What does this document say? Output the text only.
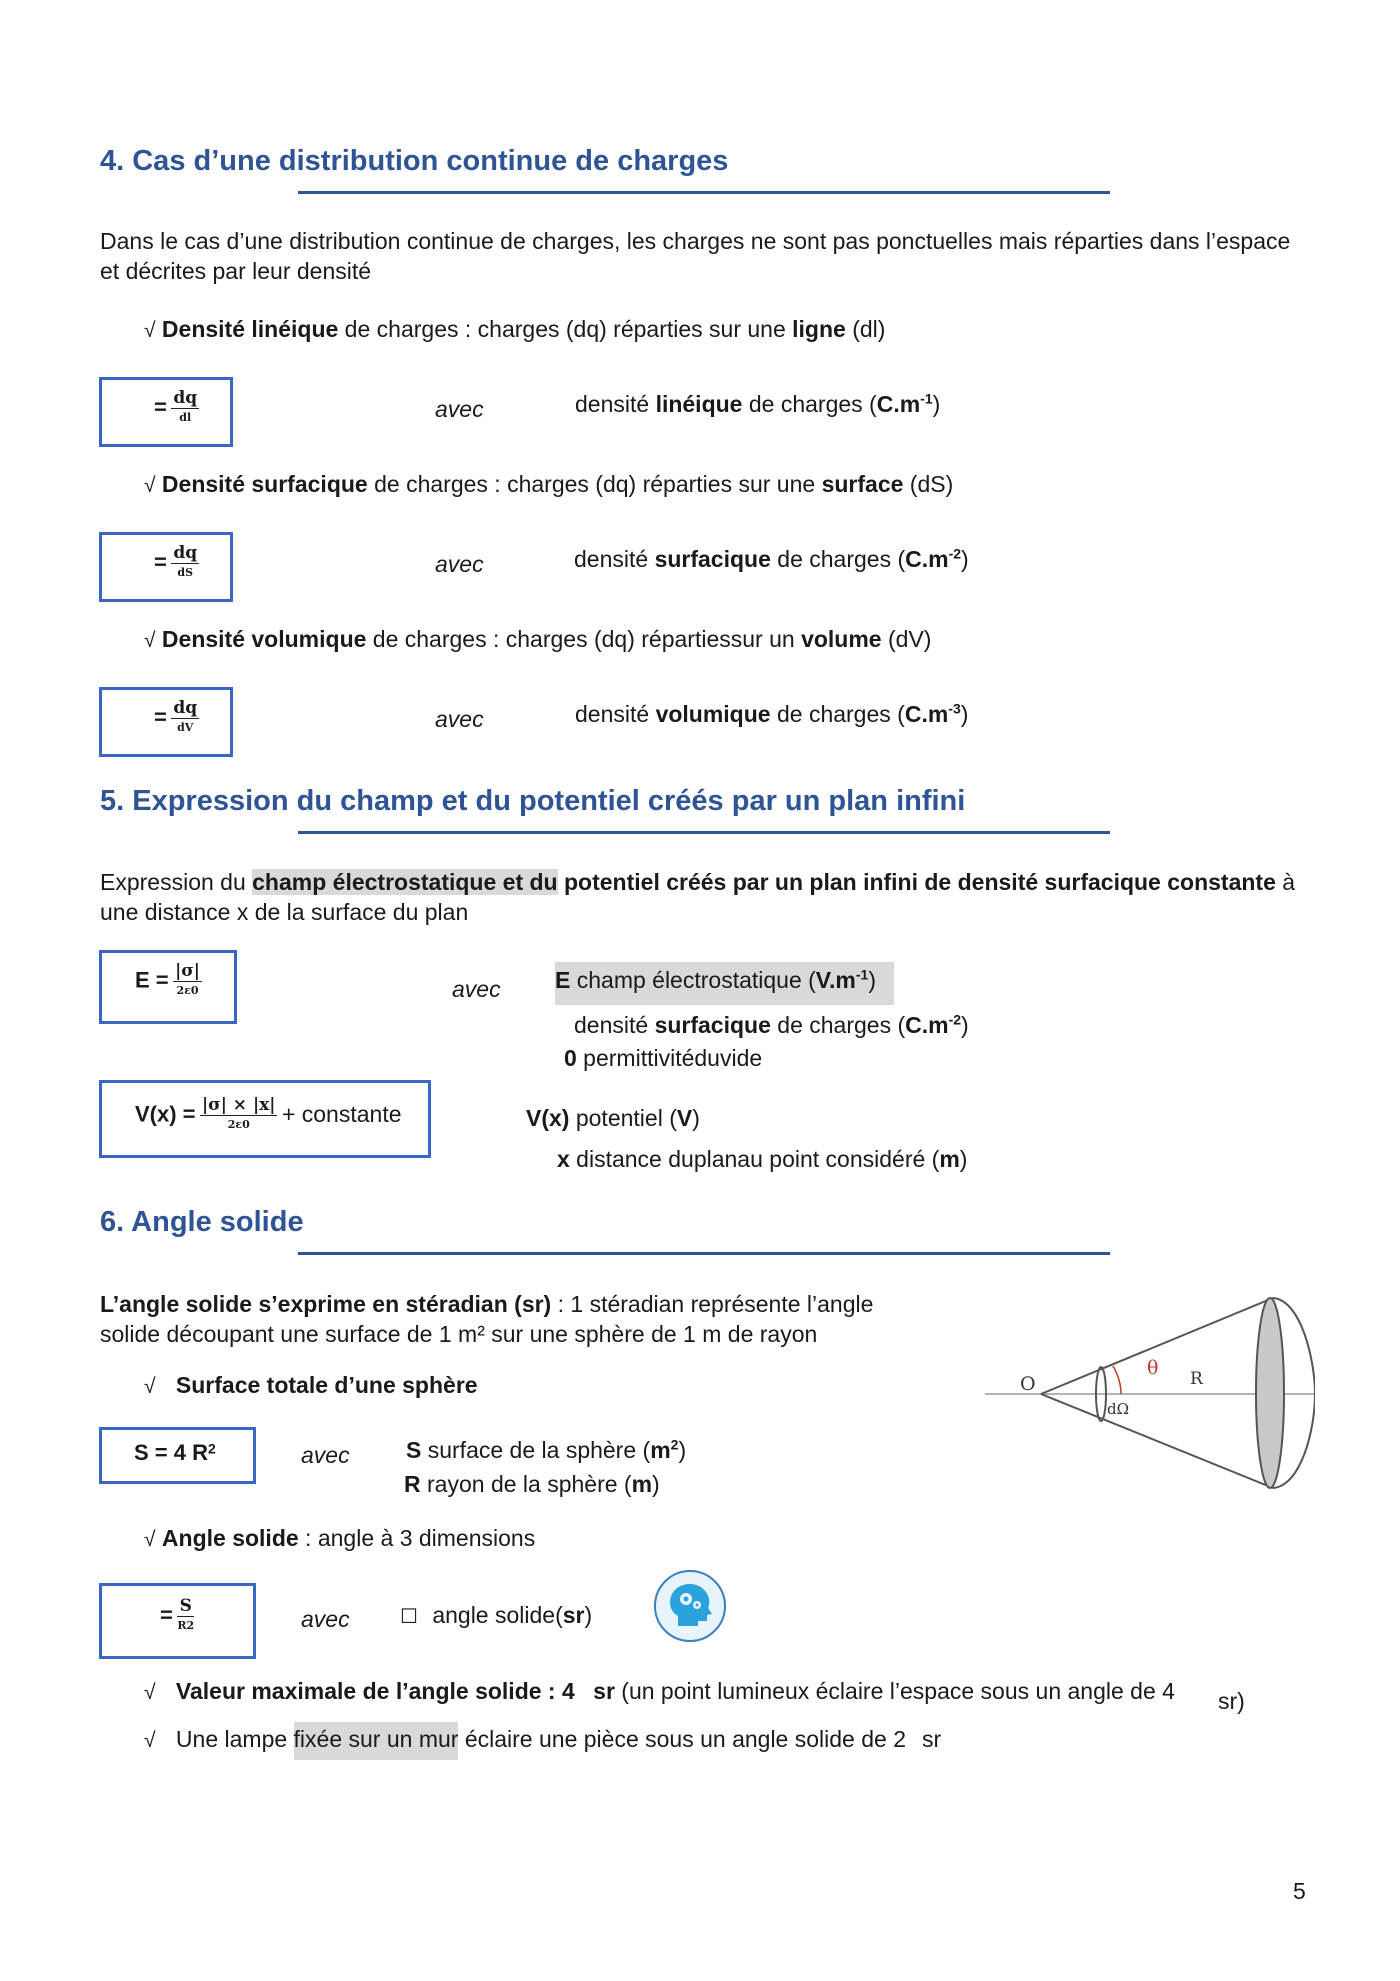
4. Cas d’une distribution continue de charges
Dans le cas d’une distribution continue de charges, les charges ne sont pas ponctuelles mais réparties dans l’espace
et décrites par leur densité
√ Densité linéique de charges : charges (dq) réparties sur une ligne (dl)
= $\frac{dq}{dl}$	avec	densité linéique de charges $(C.m^{-1})$
√ Densité surfacique de charges : charges (dq) réparties sur une surface (dS)
= $\frac{dq}{dS}$	avec	densité surfacique de charges $(C.m^{-2})$
√ Densité volumique de charges : charges (dq) répartiessur un volume (dV)
= $\frac{dq}{dV}$	avec	densité volumique de charges $(C.m^{-3})$
5. Expression du champ et du potentiel créés par un plan infini
Expression du champ électrostatique et du potentiel créés par un plan infini de densité surfacique constante à
une distance x de la surface du plan
$E = \frac{|\sigma|}{2\varepsilon 0}$	avec E champ électrostatique $(V.m^{-1})$
densité surfacique de charges $(C.m^{-2})$
0 permittivitéduvide
$V(x) = \frac{|\sigma| \times |x|}{2\varepsilon 0}$ + constante	V(x) potentiel (V)
x distance duplanau point considéré (m)
6. Angle solide
L’angle solide s’exprime en stéradian (sr) : 1 stéradian représente l’angle
solide découpant une surface de 1 m² sur une sphère de 1 m de rayon
√ Surface totale d’une sphère
S = 4 $R^2$	avec S surface de la sphère $(m^2)$
R rayon de la sphère (m)
√ Angle solide : angle à 3 dimensions
= $\frac{S}{R2}$	avec	☐ angle solide(sr)
√ Valeur maximale de l’angle solide : 4 sr (un point lumineux éclaire l’espace sous un angle de 4 sr)
√ Une lampe fixée sur un mur éclaire une pièce sous un angle solide de 2 sr
O
θ R
dΩ
5
